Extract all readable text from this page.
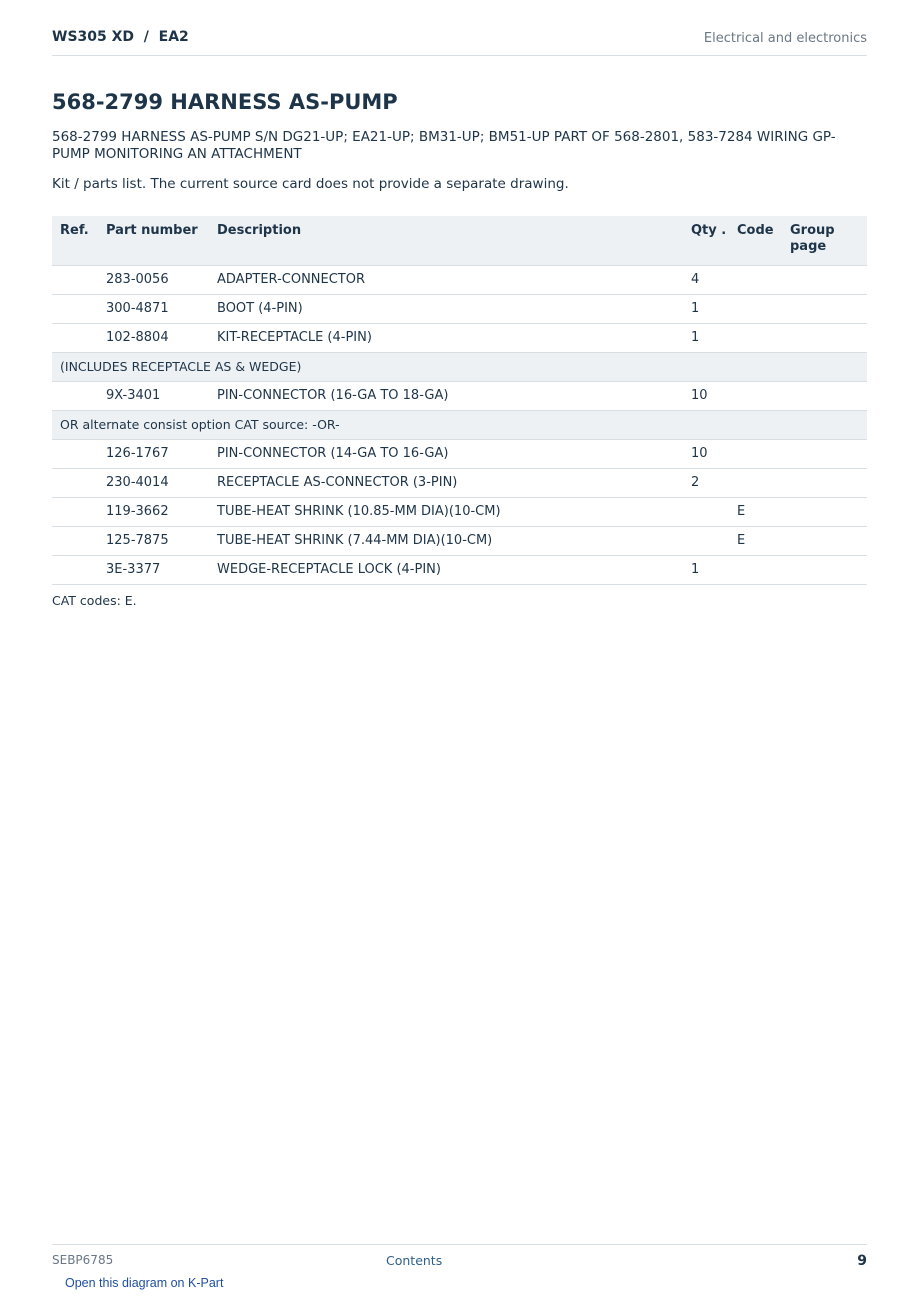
WS305 XD  /  EA2	Electrical and electronics
568-2799 HARNESS AS-PUMP

568-2799 HARNESS AS-PUMP S/N DG21-UP; EA21-UP; BM31-UP; BM51-UP PART OF 568-2801, 583-7284 WIRING GP-PUMP MONITORING AN ATTACHMENT

Kit / parts list. The current source card does not provide a separate drawing.

Ref.	Part number	Description	Qty .	Code	Group page
	283-0056	ADAPTER-CONNECTOR	4		
	300-4871	BOOT (4-PIN)	1		
	102-8804	KIT-RECEPTACLE (4-PIN)	1		
(INCLUDES RECEPTACLE AS & WEDGE)					
	9X-3401	PIN-CONNECTOR (16-GA TO 18-GA)	10		
OR alternate consist option CAT source: -OR-					
	126-1767	PIN-CONNECTOR (14-GA TO 16-GA)	10		
	230-4014	RECEPTACLE AS-CONNECTOR (3-PIN)	2		
	119-3662	TUBE-HEAT SHRINK (10.85-MM DIA)(10-CM)		E	
	125-7875	TUBE-HEAT SHRINK (7.44-MM DIA)(10-CM)		E	
	3E-3377	WEDGE-RECEPTACLE LOCK (4-PIN)	1		

CAT codes: E.

SEBP6785	Contents	9
Open this diagram on K-Part
